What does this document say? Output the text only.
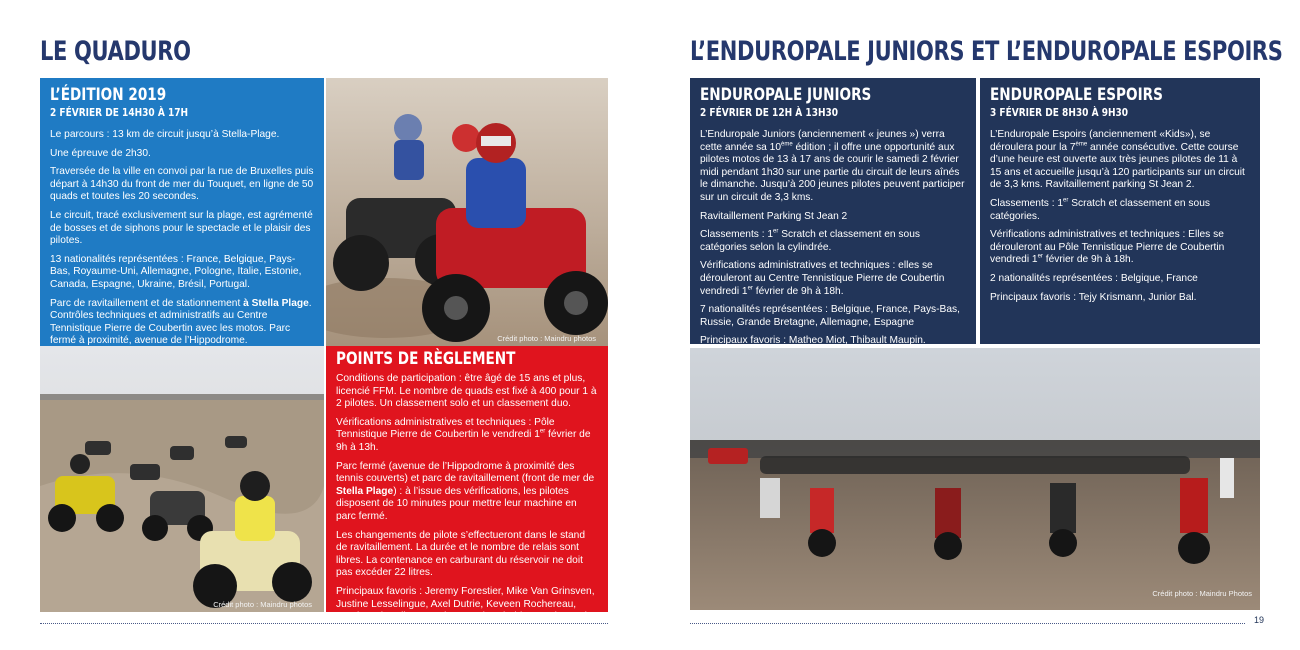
LE QUADURO	L’ENDUROPALE JUNIORS ET L’ENDUROPALE ESPOIRS
L’ÉDITION 2019
2 FÉVRIER DE 14H30 À 17H

Le parcours : 13 km de circuit jusqu’à Stella-Plage.

Une épreuve de 2h30.

Traversée de la ville en convoi par la rue de Bruxelles puis départ à 14h30 du front de mer du Touquet, en ligne de 50 quads et toutes les 20 secondes.

Le circuit, tracé exclusivement sur la plage, est agrémenté de bosses et de siphons pour le spectacle et le plaisir des pilotes.

13 nationalités représentées : France, Belgique, Pays-Bas, Royaume-Uni, Allemagne, Pologne, Italie, Estonie, Canada, Espagne, Ukraine, Brésil, Portugal.

Parc de ravitaillement et de stationnement à Stella Plage. Contrôles techniques et administratifs au Centre Tennistique Pierre de Coubertin avec les motos. Parc fermé à proximité, avenue de l’Hippodrome.	Crédit photo : Maindru photos
Crédit photo : Maindru photos
POINTS DE RÈGLEMENT

Conditions de participation : être âgé de 15 ans et plus, licencié FFM. Le nombre de quads est fixé à 400 pour 1 à 2 pilotes. Un classement solo et un classement duo.

Vérifications administratives et techniques : Pôle Tennistique Pierre de Coubertin le vendredi 1er février de 9h à 13h.

Parc fermé (avenue de l’Hippodrome à proximité des tennis couverts) et parc de ravitaillement (front de mer de Stella Plage) : à l’issue des vérifications, les pilotes disposent de 10 minutes pour mettre leur machine en parc fermé.

Les changements de pilote s’effectueront dans le stand de ravitaillement. La durée et le nombre de relais sont libres. La contenance en carburant du réservoir ne doit pas excéder 22 litres.

Principaux favoris : Jeremy Forestier, Mike Van Grinsven, Justine Lesselingue, Axel Dutrie, Keveen Rochereau, Antoine Cheurlin, Romain Couprie, Sheldon Seal, Randy Naveaux, Matthieu Ternynck, Florian Mangeot.

ENDUROPALE JUNIORS
2 FÉVRIER DE 12H À 13H30

L’Enduropale Juniors (anciennement « jeunes ») verra cette année sa 10ème édition ; il offre une opportunité aux pilotes motos de 13 à 17 ans de courir le samedi 2 février midi pendant 1h30 sur une partie du circuit de leurs aînés le dimanche. Jusqu’à 200 jeunes pilotes peuvent participer sur un circuit de 3,3 kms.

Ravitaillement Parking St Jean 2

Classements : 1er Scratch et classement en sous catégories selon la cylindrée.

Vérifications administratives et techniques : elles se dérouleront au Centre Tennistique Pierre de Coubertin vendredi 1er février de 9h à 18h.

7 nationalités représentées : Belgique, France, Pays-Bas, Russie, Grande Bretagne, Allemagne, Espagne

Principaux favoris : Matheo Miot, Thibault Maupin.

ENDUROPALE ESPOIRS
3 FÉVRIER DE 8H30 À 9H30

L’Enduropale Espoirs (anciennement «Kids»), se déroulera pour la 7ème année consécutive. Cette course d’une heure est ouverte aux très jeunes pilotes de 11 à 15 ans et accueille jusqu’à 120 participants sur un circuit de 3,3 kms. Ravitaillement parking St Jean 2.

Classements : 1er Scratch et classement en sous catégories.

Vérifications administratives et techniques : Elles se dérouleront au Pôle Tennistique Pierre de Coubertin vendredi 1er février de 9h à 18h.

2 nationalités représentées : Belgique, France

Principaux favoris : Tejy Krismann, Junior Bal.

Crédit photo : Maindru Photos
19
